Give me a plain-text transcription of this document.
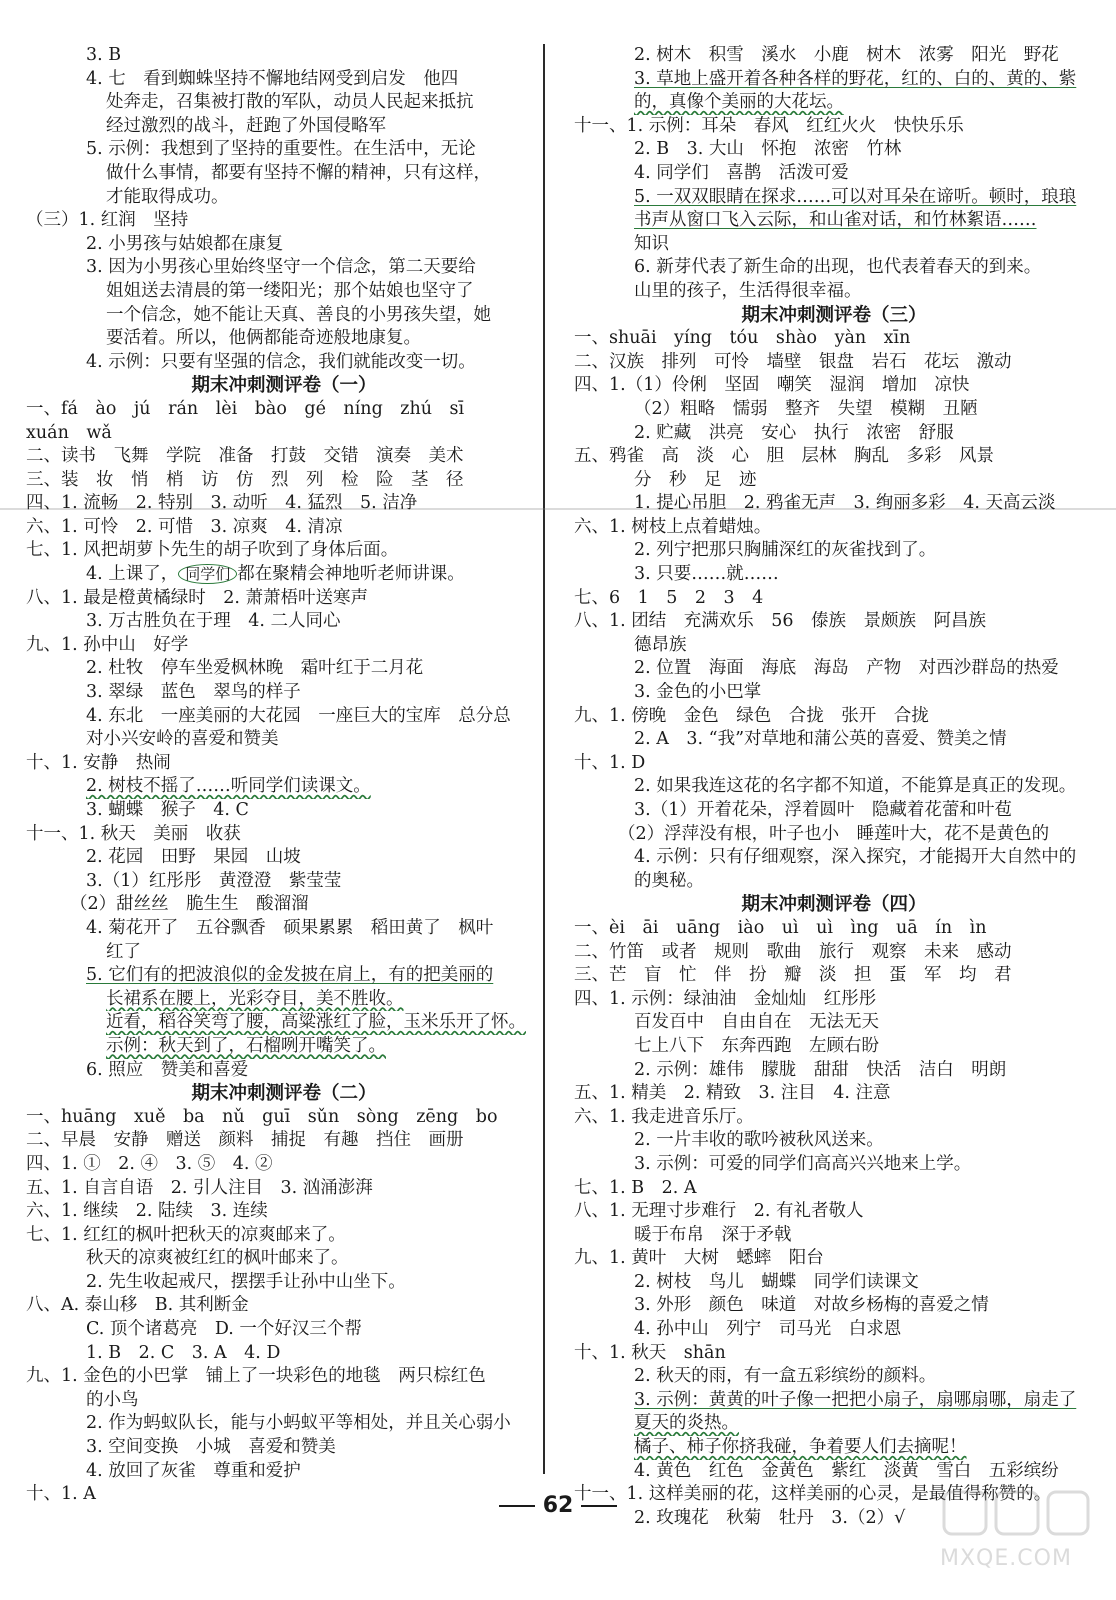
3. B
4. 七　看到蜘蛛坚持不懈地结网受到启发　他四
处奔走，召集被打散的军队，动员人民起来抵抗
经过激烈的战斗，赶跑了外国侵略军
5. 示例：我想到了坚持的重要性。在生活中，无论
做什么事情，都要有坚持不懈的精神，只有这样，
才能取得成功。
（三）1. 红润　坚持
2. 小男孩与姑娘都在康复
3. 因为小男孩心里始终坚守一个信念，第二天要给
姐姐送去清晨的第一缕阳光；那个姑娘也坚守了
一个信念，她不能让天真、善良的小男孩失望，她
要活着。所以，他俩都能奇迹般地康复。
4. 示例：只要有坚强的信念，我们就能改变一切。
期末冲刺测评卷（一）
一、fá　ào　jú　rán　lèi　bào　gé　níng　zhú　sī
xuán　wǎ
二、读书　飞舞　学院　准备　打鼓　交错　演奏　美术
三、装　妆　悄　梢　访　仿　烈　列　检　险　茎　径
四、1. 流畅　2. 特别　3. 动听　4. 猛烈　5. 洁净
六、1. 可怜　2. 可惜　3. 凉爽　4. 清凉
七、1. 风把胡萝卜先生的胡子吹到了身体后面。
4. 上课了， 同学们 都在聚精会神地听老师讲课。
八、1. 最是橙黄橘绿时　2. 萧萧梧叶送寒声
3. 万古胜负在于理　4. 二人同心
九、1. 孙中山　好学
2. 杜牧　停车坐爱枫林晚　霜叶红于二月花
3. 翠绿　蓝色　翠鸟的样子
4. 东北　一座美丽的大花园　一座巨大的宝库　总分总
对小兴安岭的喜爱和赞美
十、1. 安静　热闹
2. 树枝不摇了……听同学们读课文。
3. 蝴蝶　猴子　4. C
十一、1. 秋天　美丽　收获
2. 花园　田野　果园　山坡
3.（1）红彤彤　黄澄澄　紫莹莹
（2）甜丝丝　脆生生　酸溜溜
4. 菊花开了　五谷飘香　硕果累累　稻田黄了　枫叶
红了
5. 它们有的把波浪似的金发披在肩上，有的把美丽的
长裙系在腰上，光彩夺目，美不胜收。
近看，稻谷笑弯了腰，高粱涨红了脸，玉米乐开了怀。
示例：秋天到了，石榴咧开嘴笑了。
6. 照应　赞美和喜爱
期末冲刺测评卷（二）
一、huāng　xuě　ba　nǔ　guī　sǔn　sòng　zēng　bo
二、早晨　安静　赠送　颜料　捕捉　有趣　挡住　画册
四、1. ①　2. ④　3. ⑤　4. ②
五、1. 自言自语　2. 引人注目　3. 汹涌澎湃
六、1. 继续　2. 陆续　3. 连续
七、1. 红红的枫叶把秋天的凉爽邮来了。
秋天的凉爽被红红的枫叶邮来了。
2. 先生收起戒尺，摆摆手让孙中山坐下。
八、A. 泰山移　B. 其利断金
C. 顶个诸葛亮　D. 一个好汉三个帮
1. B　2. C　3. A　4. D
九、1. 金色的小巴掌　铺上了一块彩色的地毯　两只棕红色
的小鸟
2. 作为蚂蚁队长，能与小蚂蚁平等相处，并且关心弱小
3. 空间变换　小城　喜爱和赞美
4. 放回了灰雀　尊重和爱护
十、1. A
2. 树木　积雪　溪水　小鹿　树木　浓雾　阳光　野花
3. 草地上盛开着各种各样的野花，红的、白的、黄的、紫
的，真像个美丽的大花坛。
十一、1. 示例：耳朵　春风　红红火火　快快乐乐
2. B　3. 大山　怀抱　浓密　竹林
4. 同学们　喜鹊　活泼可爱
5. 一双双眼睛在探求……可以对耳朵在谛听。顿时，琅琅
书声从窗口飞入云际，和山雀对话，和竹林絮语……
知识
6. 新芽代表了新生命的出现，也代表着春天的到来。
山里的孩子，生活得很幸福。
期末冲刺测评卷（三）
一、shuāi　yíng　tóu　shào　yàn　xīn
二、汉族　排列　可怜　墙壁　银盘　岩石　花坛　激动
四、1.（1）伶俐　坚固　嘲笑　湿润　增加　凉快
（2）粗略　懦弱　整齐　失望　模糊　丑陋
2. 贮藏　洪亮　安心　执行　浓密　舒服
五、鸦雀　高　淡　心　胆　层林　胸乱　多彩　风景
分　秒　足　迹
1. 提心吊胆　2. 鸦雀无声　3. 绚丽多彩　4. 天高云淡
六、1. 树枝上点着蜡烛。
2. 列宁把那只胸脯深红的灰雀找到了。
3. 只要……就……
七、6　1　5　2　3　4
八、1. 团结　充满欢乐　56　傣族　景颇族　阿昌族
德昂族
2. 位置　海面　海底　海岛　产物　对西沙群岛的热爱
3. 金色的小巴掌
九、1. 傍晚　金色　绿色　合拢　张开　合拢
2. A　3. “我”对草地和蒲公英的喜爱、赞美之情
十、1. D
2. 如果我连这花的名字都不知道，不能算是真正的发现。
3.（1）开着花朵，浮着圆叶　隐藏着花蕾和叶苞
（2）浮萍没有根，叶子也小　睡莲叶大，花不是黄色的
4. 示例：只有仔细观察，深入探究，才能揭开大自然中的
的奥秘。
期末冲刺测评卷（四）
一、èi　āi　uāng　iào　uì　uì　ìng　uā　ín　ìn
二、竹笛　或者　规则　歌曲　旅行　观察　未来　感动
三、芒　盲　忙　伴　扮　瓣　淡　担　蛋　军　均　君
四、1. 示例：绿油油　金灿灿　红彤彤
百发百中　自由自在　无法无天
七上八下　东奔西跑　左顾右盼
2. 示例：雄伟　朦胧　甜甜　快活　洁白　明朗
五、1. 精美　2. 精致　3. 注目　4. 注意
六、1. 我走进音乐厅。
2. 一片丰收的歌吟被秋风送来。
3. 示例：可爱的同学们高高兴兴地来上学。
七、1. B　2. A
八、1. 无理寸步难行　2. 有礼者敬人
暖于布帛　深于矛戟
九、1. 黄叶　大树　蟋蟀　阳台
2. 树枝　鸟儿　蝴蝶　同学们读课文
3. 外形　颜色　味道　对故乡杨梅的喜爱之情
4. 孙中山　列宁　司马光　白求恩
十、1. 秋天　shān
2. 秋天的雨，有一盒五彩缤纷的颜料。
3. 示例：黄黄的叶子像一把把小扇子，扇哪扇哪，扇走了
夏天的炎热。
橘子、柿子你挤我碰，争着要人们去摘呢！
4. 黄色　红色　金黄色　紫红　淡黄　雪白　五彩缤纷
十一、1. 这样美丽的花，这样美丽的心灵，是最值得称赞的。
2. 玫瑰花　秋菊　牡丹　3.（2）√
62
MXQE.COM
